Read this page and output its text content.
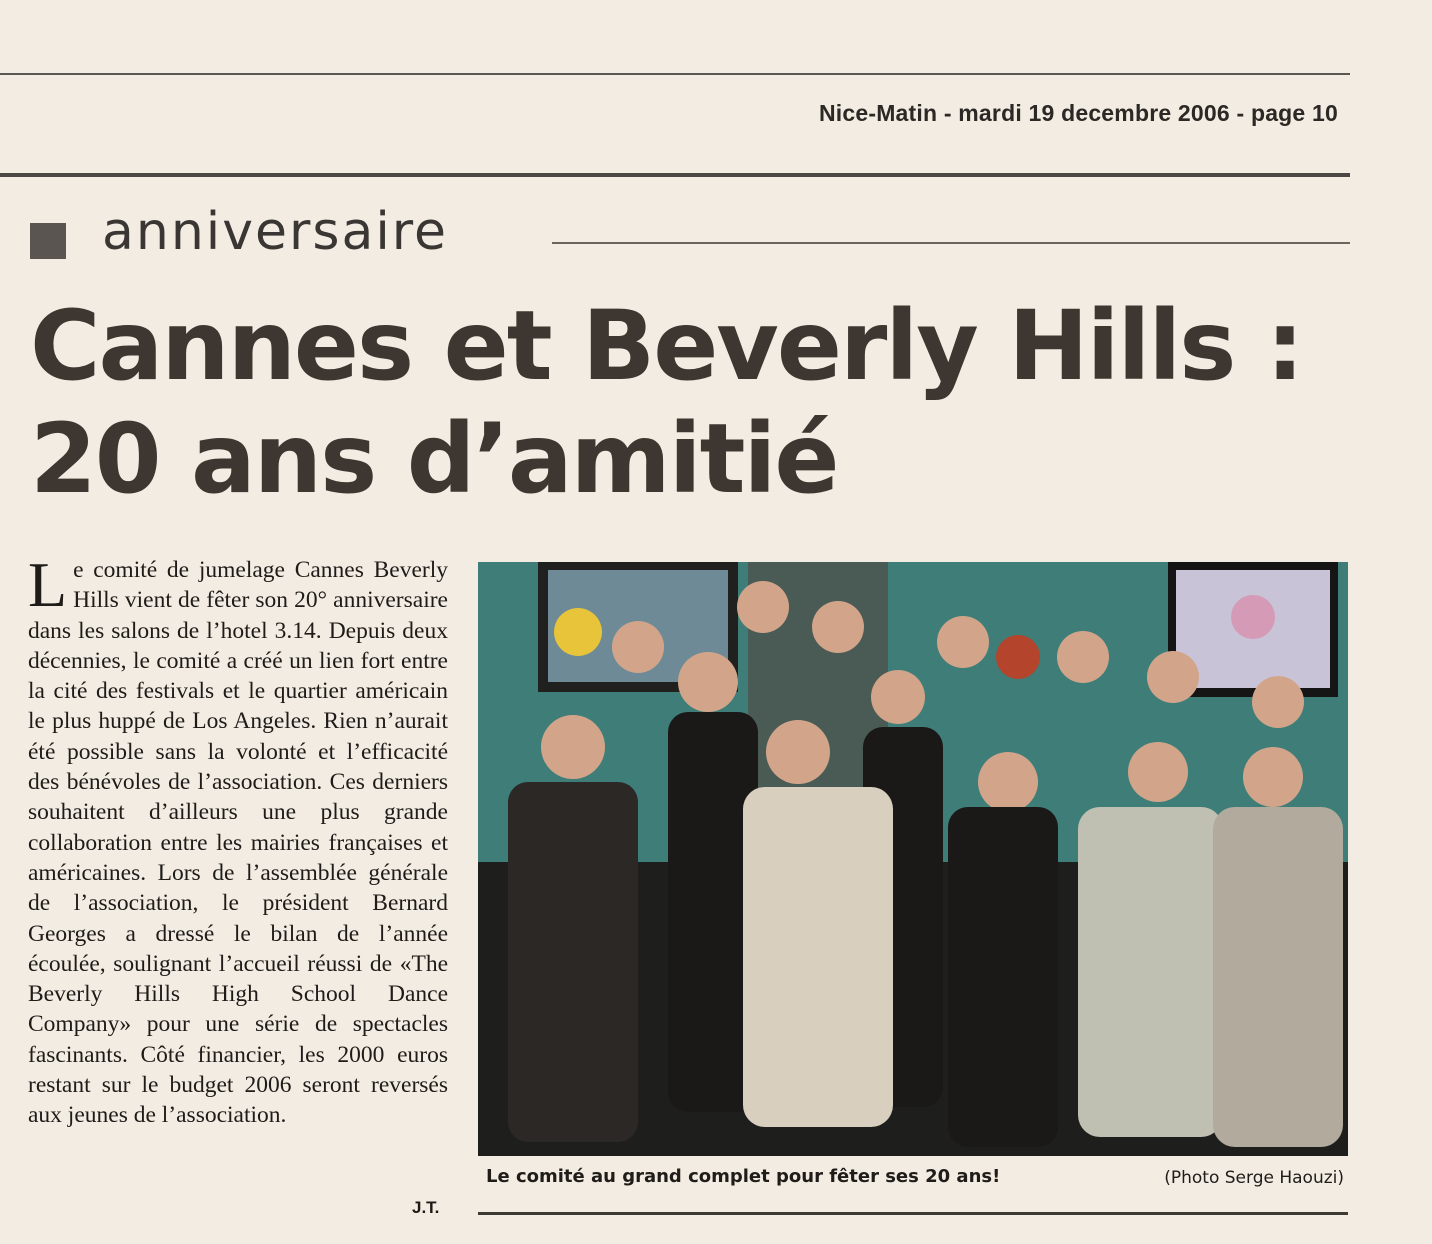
Nice-Matin - mardi 19 decembre 2006 - page 10
anniversaire
Cannes et Beverly Hills :
20 ans d’amitié
Le comité de jumelage Cannes Beverly Hills vient de fêter son 20° anniversaire dans les salons de l’hotel 3.14. Depuis deux décennies, le comité a créé un lien fort entre la cité des festivals et le quartier américain le plus huppé de Los Angeles. Rien n’aurait été possible sans la volonté et l’efficacité des bénévoles de l’association. Ces derniers souhaitent d’ailleurs une plus grande collaboration entre les mairies françaises et américaines. Lors de l’assemblée générale de l’association, le président Bernard Georges a dressé le bilan de l’année écoulée, soulignant l’accueil réussi de «The Beverly Hills High School Dance Company» pour une série de spectacles fascinants. Côté financier, les 2000 euros restant sur le budget 2006 seront reversés aux jeunes de l’association.
J.T.
Le comité au grand complet pour fêter ses 20 ans!	(Photo Serge Haouzi)
